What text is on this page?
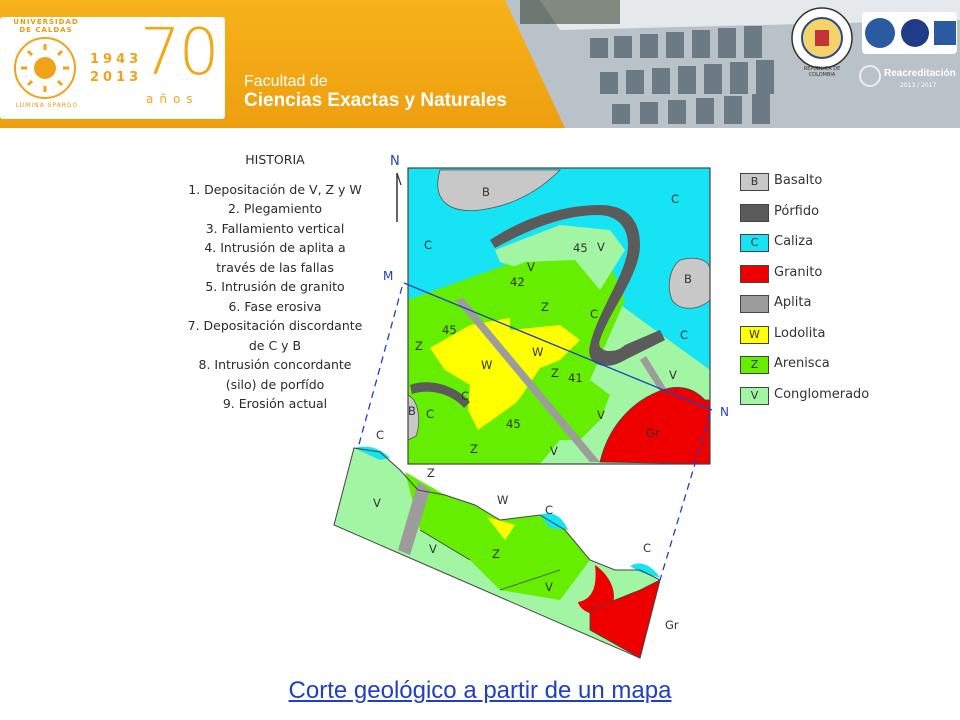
UNIVERSIDAD DE CALDAS
LUMINA SPARGO
1943
2013
70
años
Facultad de
Ciencias Exactas y Naturales
REPÚBLICA DE COLOMBIA	Reacreditación
2013 / 2017
HISTORIA
1. Depositación de V, Z y W
2. Plegamiento
3. Fallamiento vertical
4. Intrusión de aplita a
través de las fallas
5. Intrusión de granito
6. Fase erosiva
7. Depositación discordante
de C y B
8. Intrusión concordante
(silo) de porfído
9. Erosión actual
N
M
N
B	C
C	V
C
V
B
C
Z
Z
W
W
Z
C
V
B C
Z
V
Gr
V
45
42
45
41
45
C
Z
V	W
C
V	Z	C
V
Gr
B	Basalto
Pórfido
C	Caliza
Gr Granito
Aplita
W	Lodolita
Z	Arenisca
V	Conglomerado
Corte geológico a partir de un mapa
